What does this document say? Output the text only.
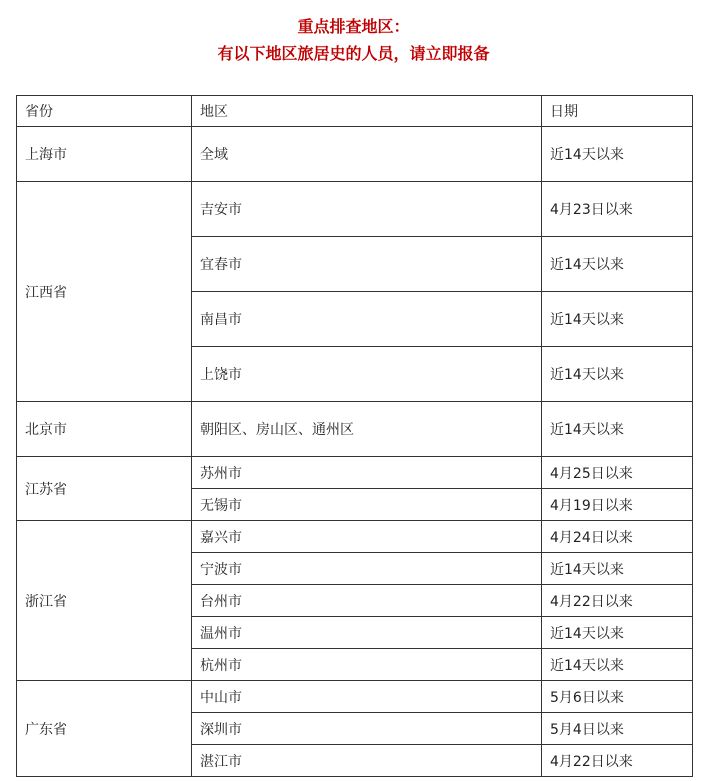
重点排查地区：
有以下地区旅居史的人员，请立即报备
省份	地区	日期
上海市	全域	近14天以来
江西省	吉安市	4月23日以来
	宜春市	近14天以来
	南昌市	近14天以来
	上饶市	近14天以来
北京市	朝阳区、房山区、通州区	近14天以来
江苏省	苏州市	4月25日以来
	无锡市	4月19日以来
浙江省	嘉兴市	4月24日以来
	宁波市	近14天以来
	台州市	4月22日以来
	温州市	近14天以来
	杭州市	近14天以来
广东省	中山市	5月6日以来
	深圳市	5月4日以来
	湛江市	4月22日以来
